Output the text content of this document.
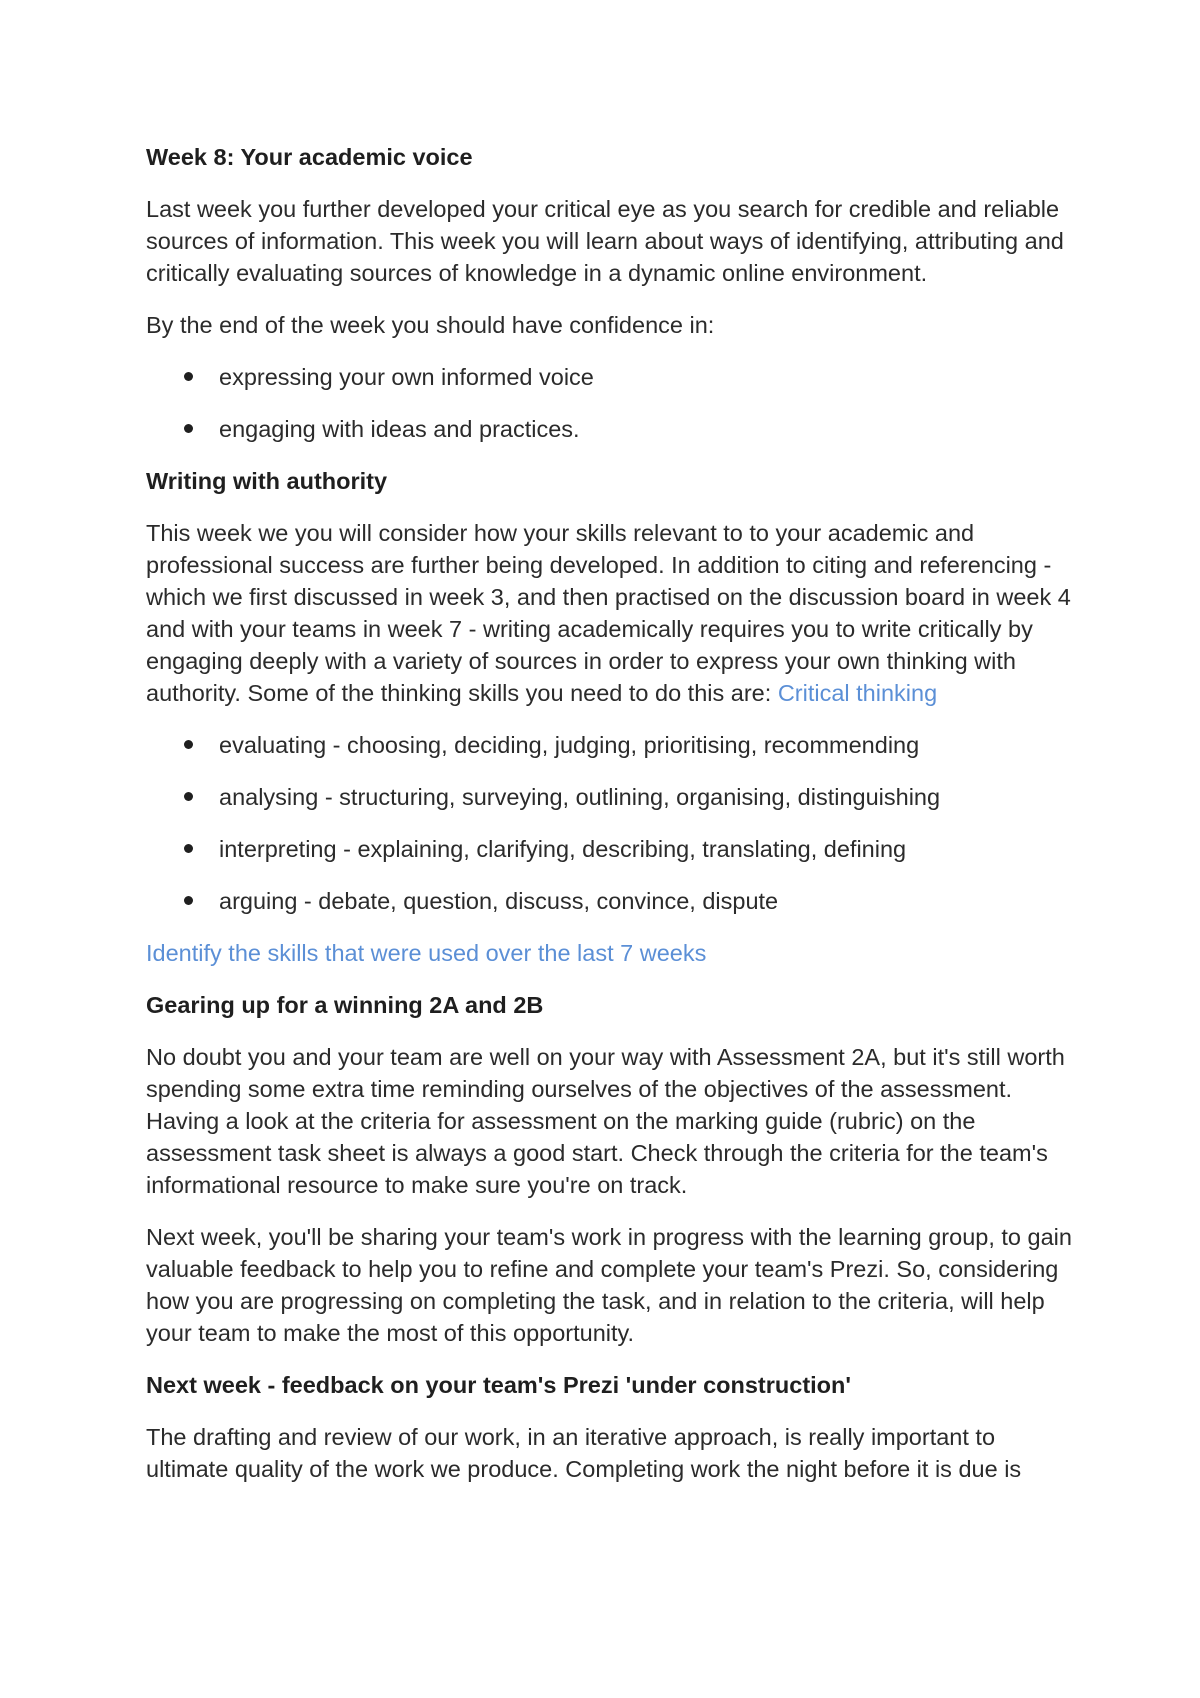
Week 8: Your academic voice

Last week you further developed your critical eye as you search for credible and reliable sources of information. This week you will learn about ways of identifying, attributing and critically evaluating sources of knowledge in a dynamic online environment.

By the end of the week you should have confidence in:

expressing your own informed voice
engaging with ideas and practices.
Writing with authority

This week we you will consider how your skills relevant to to your academic and professional success are further being developed. In addition to citing and referencing - which we first discussed in week 3, and then practised on the discussion board in week 4 and with your teams in week 7 - writing academically requires you to write critically by engaging deeply with a variety of sources in order to express your own thinking with authority. Some of the thinking skills you need to do this are: Critical thinking

evaluating - choosing, deciding, judging, prioritising, recommending
analysing - structuring, surveying, outlining, organising, distinguishing
interpreting - explaining, clarifying, describing, translating, defining
arguing - debate, question, discuss, convince, dispute

Identify the skills that were used over the last 7 weeks

Gearing up for a winning 2A and 2B

No doubt you and your team are well on your way with Assessment 2A, but it's still worth spending some extra time reminding ourselves of the objectives of the assessment. Having a look at the criteria for assessment on the marking guide (rubric) on the assessment task sheet is always a good start. Check through the criteria for the team's informational resource to make sure you're on track.

Next week, you'll be sharing your team's work in progress with the learning group, to gain valuable feedback to help you to refine and complete your team's Prezi. So, considering how you are progressing on completing the task, and in relation to the criteria, will help your team to make the most of this opportunity.

Next week - feedback on your team's Prezi 'under construction'

The drafting and review of our work, in an iterative approach, is really important to ultimate quality of the work we produce. Completing work the night before it is due is
